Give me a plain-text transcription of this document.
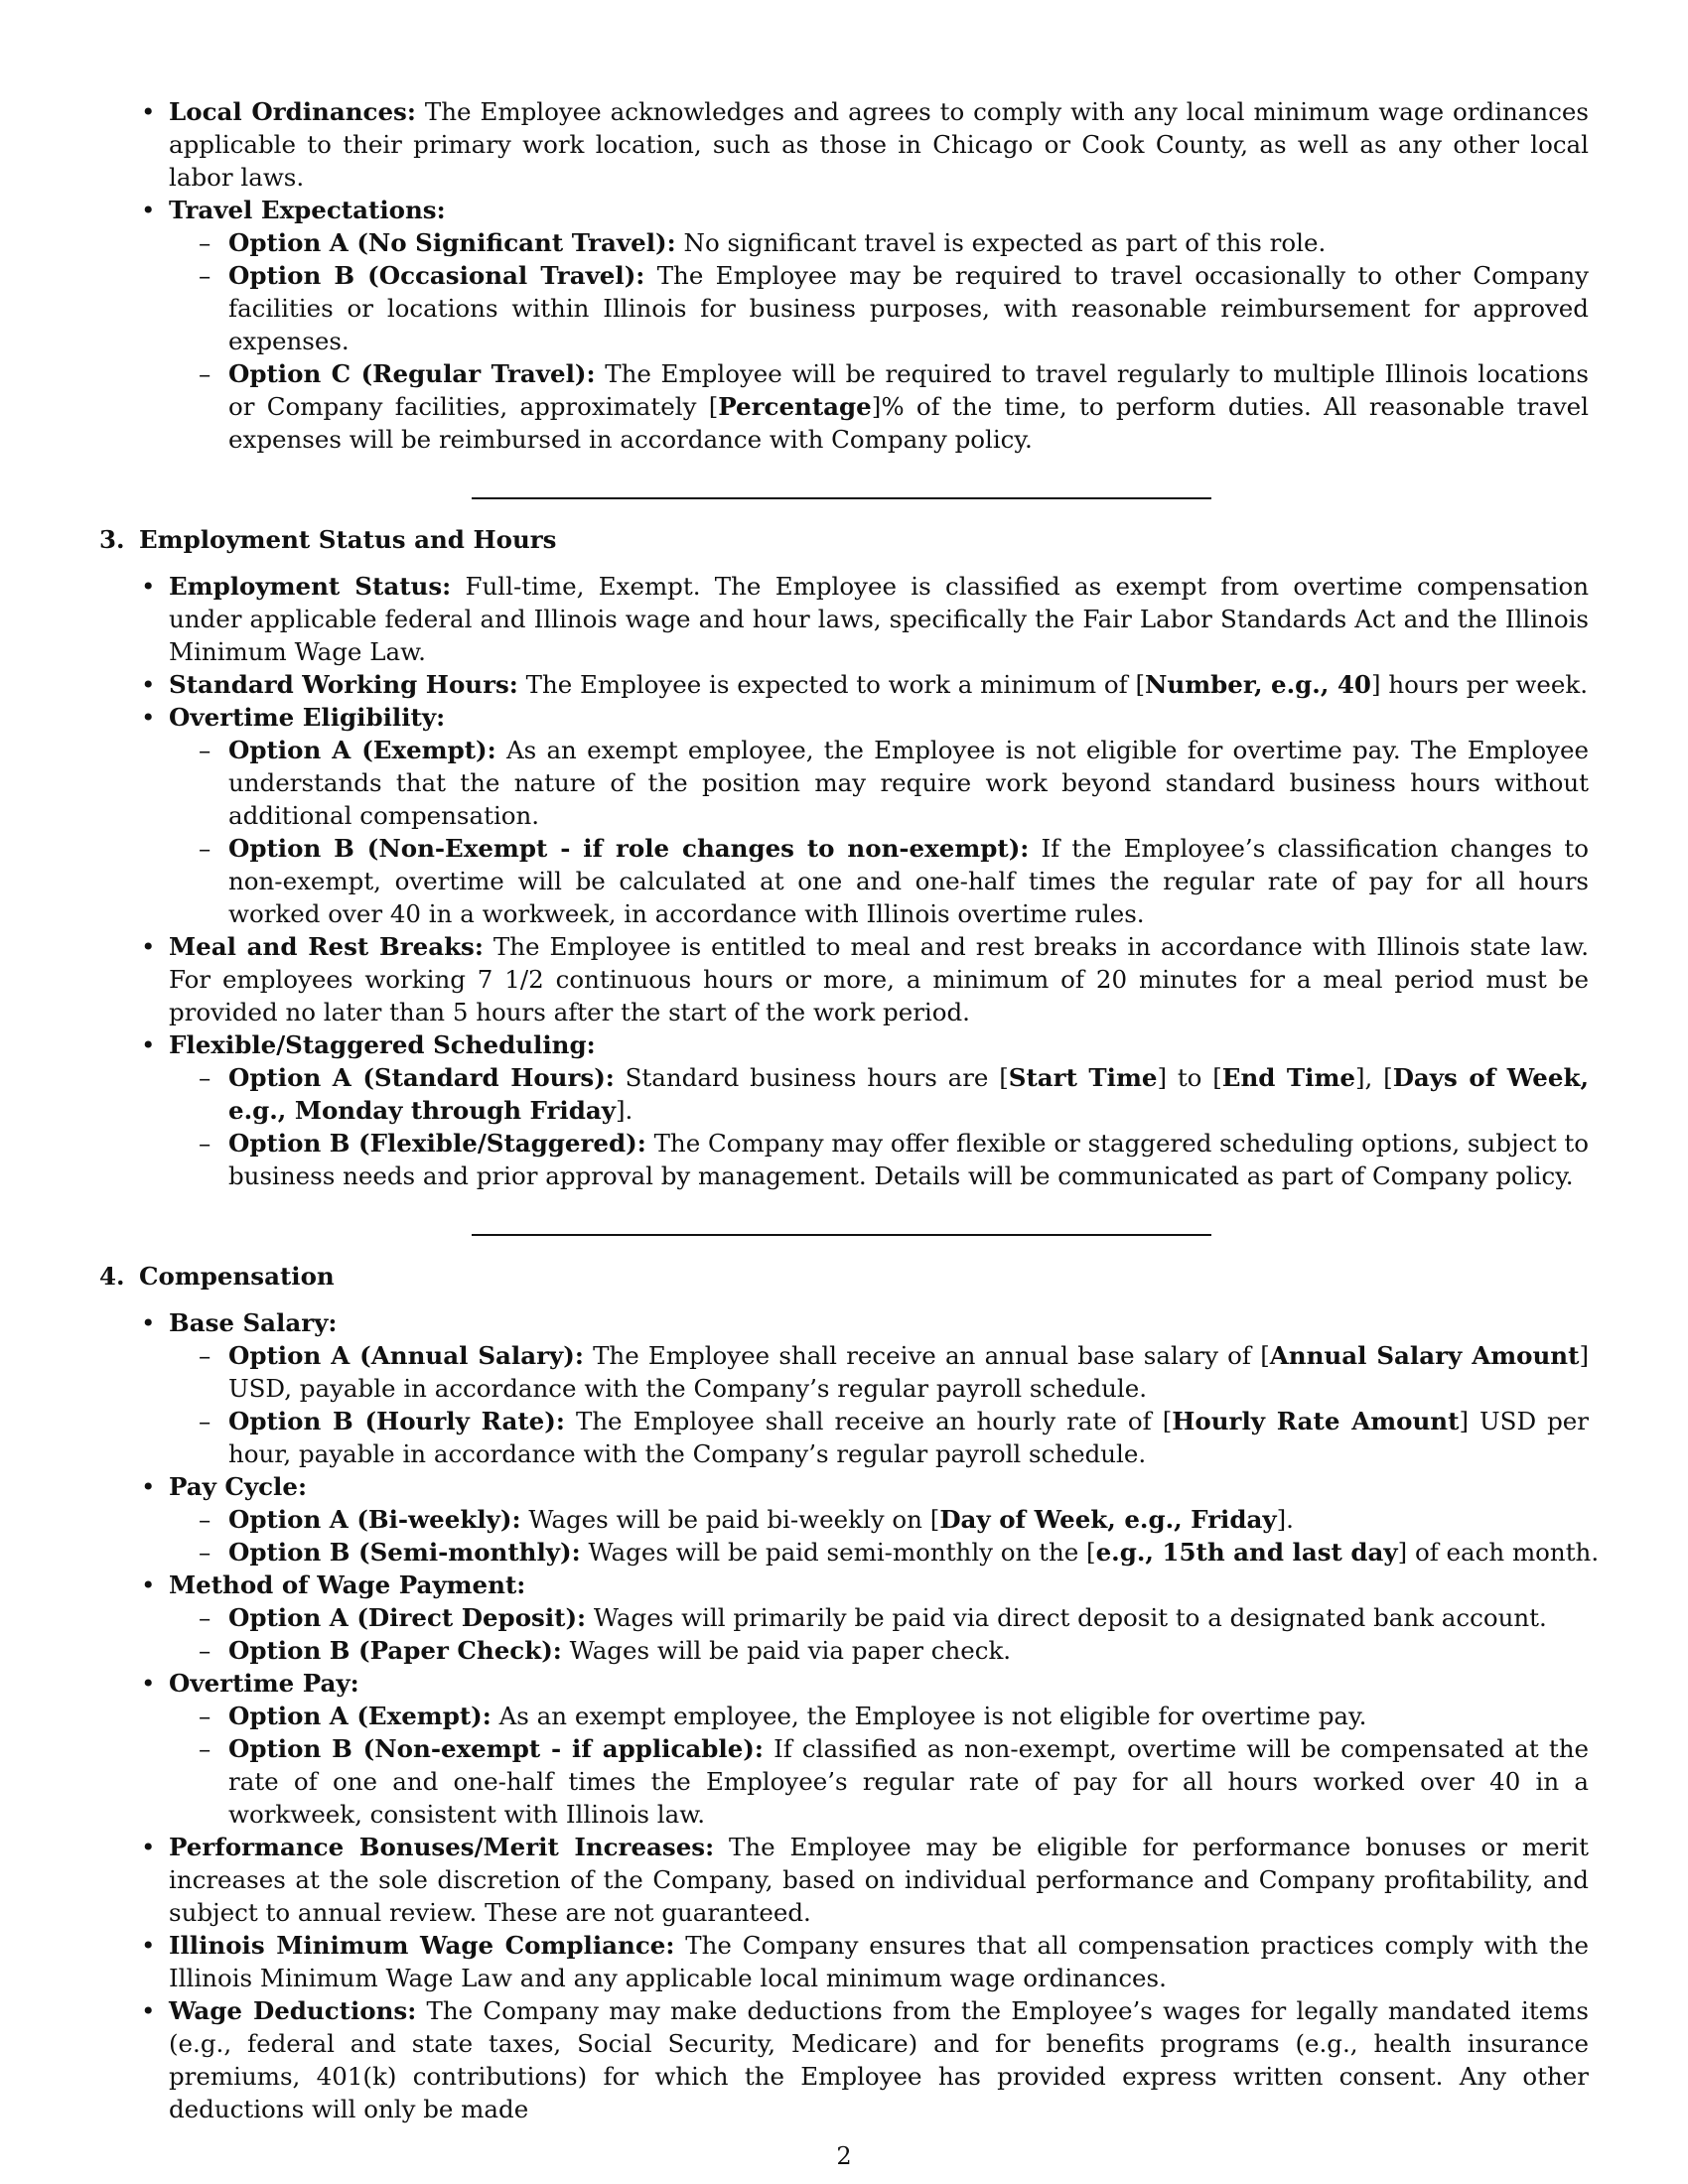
• Local Ordinances: The Employee acknowledges and agrees to comply with any local minimum wage ordinances applicable to their primary work location, such as those in Chicago or Cook County, as well as any other local labor laws.
• Travel Expectations:
– Option A (No Significant Travel): No significant travel is expected as part of this role.
– Option B (Occasional Travel): The Employee may be required to travel occasionally to other Company facilities or locations within Illinois for business purposes, with reasonable reimbursement for approved expenses.
– Option C (Regular Travel): The Employee will be required to travel regularly to multiple Illinois locations or Company facilities, approximately [Percentage]% of the time, to perform duties. All reasonable travel expenses will be reimbursed in accordance with Company policy.
3. Employment Status and Hours
• Employment Status: Full-time, Exempt. The Employee is classified as exempt from overtime compensation under applicable federal and Illinois wage and hour laws, specifically the Fair Labor Standards Act and the Illinois Minimum Wage Law.
• Standard Working Hours: The Employee is expected to work a minimum of [Number, e.g., 40] hours per week.
• Overtime Eligibility:
– Option A (Exempt): As an exempt employee, the Employee is not eligible for overtime pay. The Employee understands that the nature of the position may require work beyond standard business hours without additional compensation.
– Option B (Non-Exempt - if role changes to non-exempt): If the Employee’s classification changes to non-exempt, overtime will be calculated at one and one-half times the regular rate of pay for all hours worked over 40 in a workweek, in accordance with Illinois overtime rules.
• Meal and Rest Breaks: The Employee is entitled to meal and rest breaks in accordance with Illinois state law. For employees working 7 1/2 continuous hours or more, a minimum of 20 minutes for a meal period must be provided no later than 5 hours after the start of the work period.
• Flexible/Staggered Scheduling:
– Option A (Standard Hours): Standard business hours are [Start Time] to [End Time], [Days of Week, e.g., Monday through Friday].
– Option B (Flexible/Staggered): The Company may offer flexible or staggered scheduling options, subject to business needs and prior approval by management. Details will be communicated as part of Company policy.
4. Compensation
• Base Salary:
– Option A (Annual Salary): The Employee shall receive an annual base salary of [Annual Salary Amount] USD, payable in accordance with the Company’s regular payroll schedule.
– Option B (Hourly Rate): The Employee shall receive an hourly rate of [Hourly Rate Amount] USD per hour, payable in accordance with the Company’s regular payroll schedule.
• Pay Cycle:
– Option A (Bi-weekly): Wages will be paid bi-weekly on [Day of Week, e.g., Friday].
– Option B (Semi-monthly): Wages will be paid semi-monthly on the [e.g., 15th and last day] of each month.
• Method of Wage Payment:
– Option A (Direct Deposit): Wages will primarily be paid via direct deposit to a designated bank account.
– Option B (Paper Check): Wages will be paid via paper check.
• Overtime Pay:
– Option A (Exempt): As an exempt employee, the Employee is not eligible for overtime pay.
– Option B (Non-exempt - if applicable): If classified as non-exempt, overtime will be compensated at the rate of one and one-half times the Employee’s regular rate of pay for all hours worked over 40 in a workweek, consistent with Illinois law.
• Performance Bonuses/Merit Increases: The Employee may be eligible for performance bonuses or merit increases at the sole discretion of the Company, based on individual performance and Company profitability, and subject to annual review. These are not guaranteed.
• Illinois Minimum Wage Compliance: The Company ensures that all compensation practices comply with the Illinois Minimum Wage Law and any applicable local minimum wage ordinances.
• Wage Deductions: The Company may make deductions from the Employee’s wages for legally mandated items (e.g., federal and state taxes, Social Security, Medicare) and for benefits programs (e.g., health insurance premiums, 401(k) contributions) for which the Employee has provided express written consent. Any other deductions will only be made
2
